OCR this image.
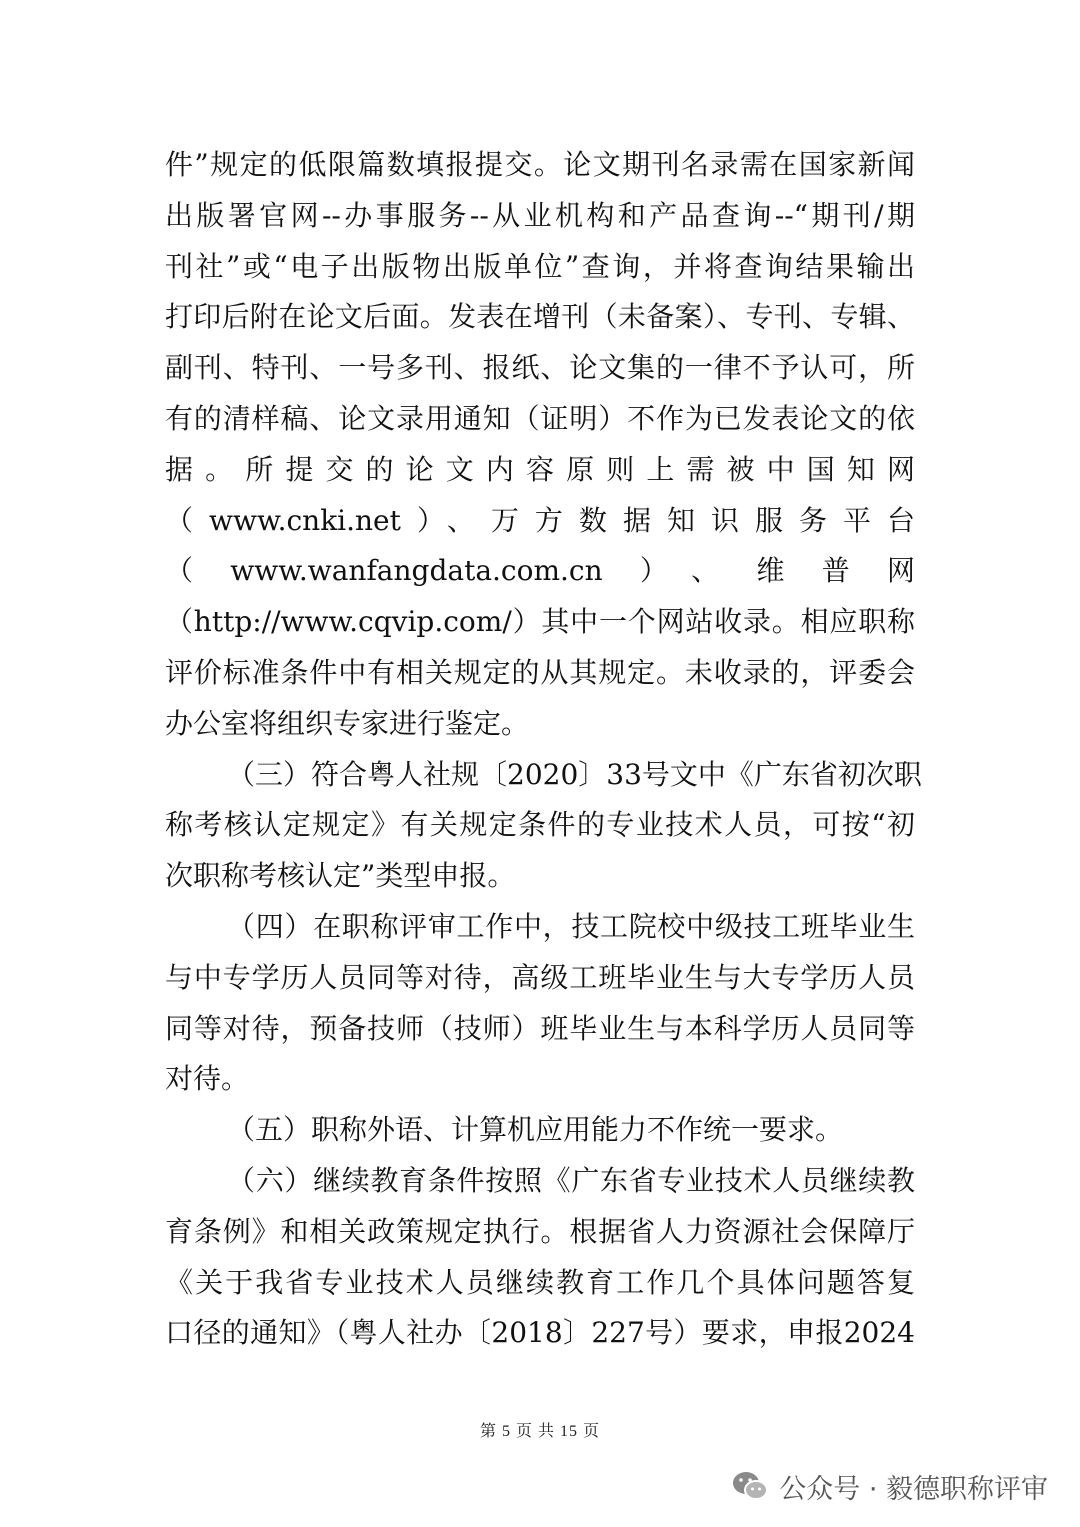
件”规定的低限篇数填报提交。论文期刊名录需在国家新闻
出版署官网--办事服务--从业机构和产品查询--“期刊/期
刊社”或“电子出版物出版单位”查询，并将查询结果输出
打印后附在论文后面。发表在增刊（未备案）、专刊、专辑、
副刊、特刊、一号多刊、报纸、论文集的一律不予认可，所
有的清样稿、论文录用通知（证明）不作为已发表论文的依
据。所提交的论文内容原则上需被中国知网
（www.cnki.net）、万方数据知识服务平台
（www.wanfangdata.com.cn）、维普网
（http://www.cqvip.com/）其中一个网站收录。相应职称
评价标准条件中有相关规定的从其规定。未收录的，评委会
办公室将组织专家进行鉴定。
（三）符合粤人社规〔2020〕33号文中《广东省初次职
称考核认定规定》有关规定条件的专业技术人员，可按“初
次职称考核认定”类型申报。
（四）在职称评审工作中，技工院校中级技工班毕业生
与中专学历人员同等对待，高级工班毕业生与大专学历人员
同等对待，预备技师（技师）班毕业生与本科学历人员同等
对待。
（五）职称外语、计算机应用能力不作统一要求。
（六）继续教育条件按照《广东省专业技术人员继续教
育条例》和相关政策规定执行。根据省人力资源社会保障厅
《关于我省专业技术人员继续教育工作几个具体问题答复
口径的通知》（粤人社办〔2018〕227号）要求，申报2024
第 5 页 共 15 页
公众号 · 毅德职称评审
